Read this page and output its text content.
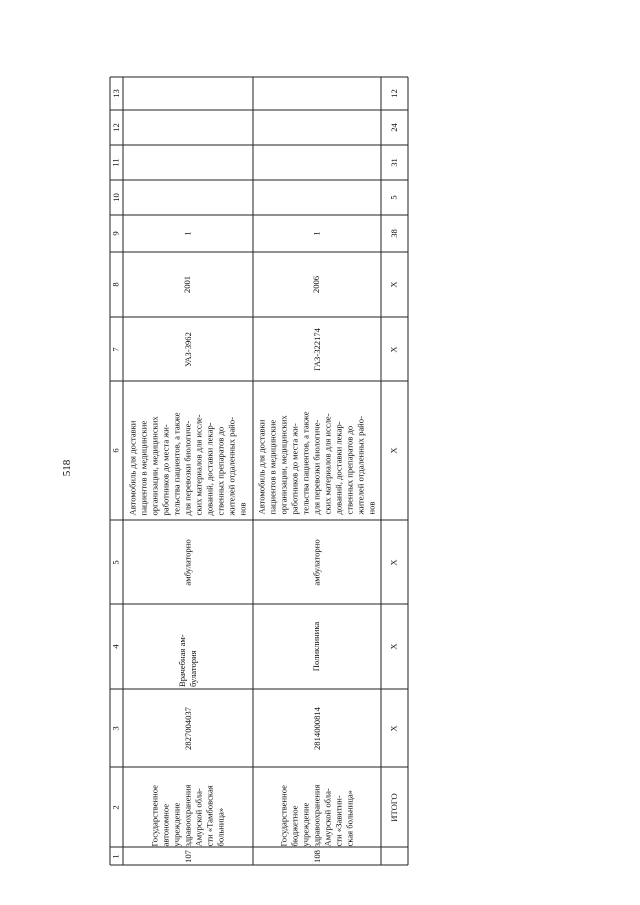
518
13
12
11
10
9
8
7
6
5
4
3
2
1
1
2001
УАЗ-3962
Автомобиль для доставки
пациентов в медицинские
организации, медицинских
работников до места жи-
тельства пациентов, а также
для перевозки биологиче-
ских материалов для иссле-
дований, доставки лекар-
ственных препаратов до
жителей отдаленных райо-
нов
амбулаторно
Врачебная ам-
булатория
2827004037
Государственное
автономное
учреждение
здравоохранения
Амурской обла-
сти «Тамбовская
больница»
107
1
2006
ГАЗ-322174
Автомобиль для доставки
пациентов в медицинские
организации, медицинских
работников до места жи-
тельства пациентов, а также
для перевозки биологиче-
ских материалов для иссле-
дований, доставки лекар-
ственных препаратов до
жителей отдаленных райо-
нов
амбулаторно
Поликлиника
2814000814
Государственное
бюджетное
учреждение
здравоохранения
Амурской обла-
сти «Завитин-
ская больница»
108
12
24
31
5
38
X
X
X
X
X
X
ИТОГО
